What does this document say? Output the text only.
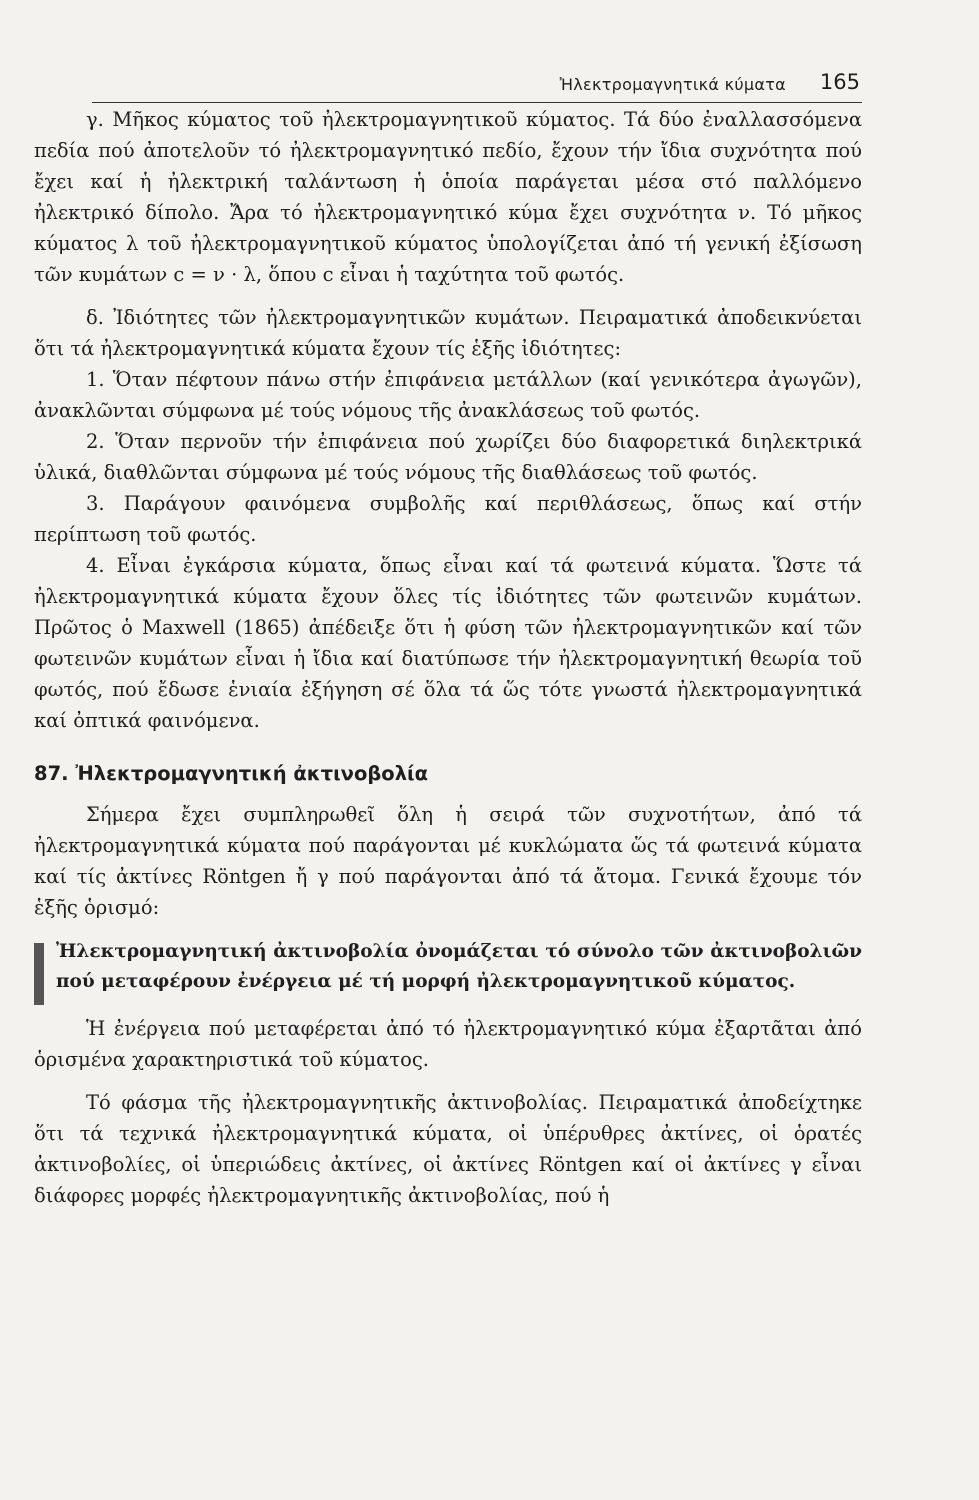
Ἠλεκτρομαγνητικά κύματα 165

γ. Μῆκος κύματος τοῦ ἠλεκτρομαγνητικοῦ κύματος. Τά δύο ἐναλλασσόμενα πεδία πού ἀποτελοῦν τό ἠλεκτρομαγνητικό πεδίο, ἔχουν τήν ἴδια συχνότητα πού ἔχει καί ἡ ἠλεκτρική ταλάντωση ἡ ὁποία παράγεται μέσα στό παλλόμενο ἠλεκτρικό δίπολο. Ἄρα τό ἠλεκτρομαγνητικό κύμα ἔχει συχνότητα ν. Τό μῆκος κύματος λ τοῦ ἠλεκτρομαγνητικοῦ κύματος ὑπολογίζεται ἀπό τή γενική ἐξίσωση τῶν κυμάτων c = ν · λ, ὅπου c εἶναι ἡ ταχύτητα τοῦ φωτός.

δ. Ἰδιότητες τῶν ἠλεκτρομαγνητικῶν κυμάτων. Πειραματικά ἀποδεικνύεται ὅτι τά ἠλεκτρομαγνητικά κύματα ἔχουν τίς ἑξῆς ἰδιότητες:

1. Ὅταν πέφτουν πάνω στήν ἐπιφάνεια μετάλλων (καί γενικότερα ἀγωγῶν), ἀνακλῶνται σύμφωνα μέ τούς νόμους τῆς ἀνακλάσεως τοῦ φωτός.

2. Ὅταν περνοῦν τήν ἐπιφάνεια πού χωρίζει δύο διαφορετικά διηλεκτρικά ὑλικά, διαθλῶνται σύμφωνα μέ τούς νόμους τῆς διαθλάσεως τοῦ φωτός.

3. Παράγουν φαινόμενα συμβολῆς καί περιθλάσεως, ὅπως καί στήν περίπτωση τοῦ φωτός.

4. Εἶναι ἐγκάρσια κύματα, ὅπως εἶναι καί τά φωτεινά κύματα. Ὥστε τά ἠλεκτρομαγνητικά κύματα ἔχουν ὅλες τίς ἰδιότητες τῶν φωτεινῶν κυμάτων. Πρῶτος ὁ Maxwell (1865) ἀπέδειξε ὅτι ἡ φύση τῶν ἠλεκτρομαγνητικῶν καί τῶν φωτεινῶν κυμάτων εἶναι ἡ ἴδια καί διατύπωσε τήν ἠλεκτρομαγνητική θεωρία τοῦ φωτός, πού ἔδωσε ἑνιαία ἐξήγηση σέ ὅλα τά ὥς τότε γνωστά ἠλεκτρομαγνητικά καί ὀπτικά φαινόμενα.

87. Ἠλεκτρομαγνητική ἀκτινοβολία

Σήμερα ἔχει συμπληρωθεῖ ὅλη ἡ σειρά τῶν συχνοτήτων, ἀπό τά ἠλεκτρομαγνητικά κύματα πού παράγονται μέ κυκλώματα ὥς τά φωτεινά κύματα καί τίς ἀκτίνες Röntgen ἤ γ πού παράγονται ἀπό τά ἄτομα. Γενικά ἔχουμε τόν ἑξῆς ὁρισμό:

Ἠλεκτρομαγνητική ἀκτινοβολία ὀνομάζεται τό σύνολο τῶν ἀκτινοβολιῶν πού μεταφέρουν ἐνέργεια μέ τή μορφή ἠλεκτρομαγνητικοῦ κύματος.

Ἡ ἐνέργεια πού μεταφέρεται ἀπό τό ἠλεκτρομαγνητικό κύμα ἐξαρτᾶται ἀπό ὁρισμένα χαρακτηριστικά τοῦ κύματος.

Τό φάσμα τῆς ἠλεκτρομαγνητικῆς ἀκτινοβολίας. Πειραματικά ἀποδείχτηκε ὅτι τά τεχνικά ἠλεκτρομαγνητικά κύματα, οἱ ὑπέρυθρες ἀκτίνες, οἱ ὁρατές ἀκτινοβολίες, οἱ ὑπεριώδεις ἀκτίνες, οἱ ἀκτίνες Röntgen καί οἱ ἀκτίνες γ εἶναι διάφορες μορφές ἠλεκτρομαγνητικῆς ἀκτινοβολίας, πού ἡ
